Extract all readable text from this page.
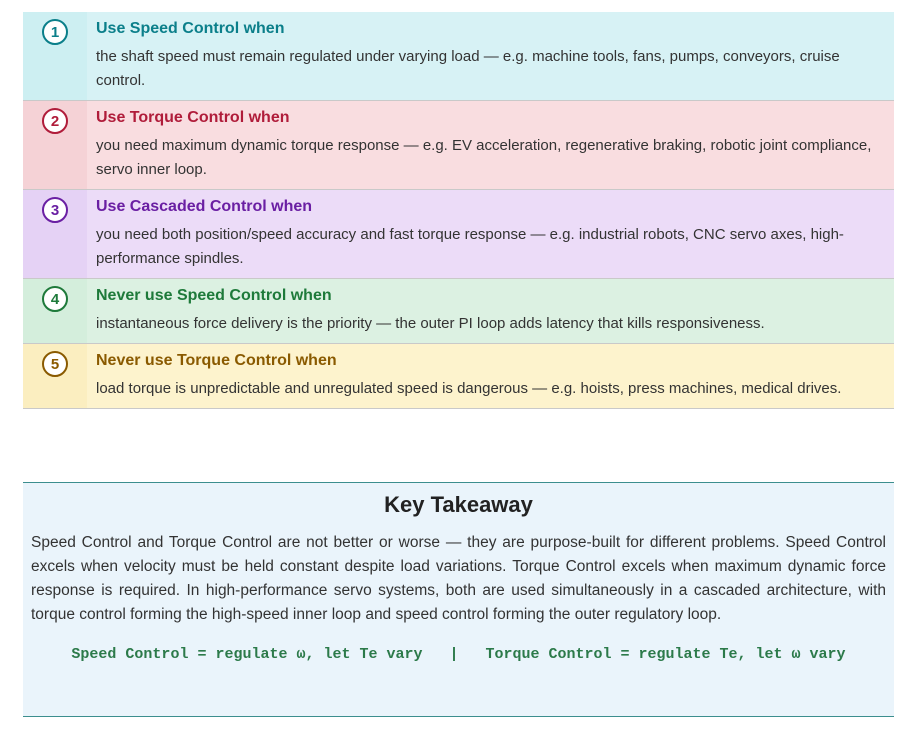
1	Use Speed Control when
the shaft speed must remain regulated under varying load — e.g. machine tools, fans, pumps, conveyors, cruise control.
2	Use Torque Control when
you need maximum dynamic torque response — e.g. EV acceleration, regenerative braking, robotic joint compliance, servo inner loop.
3	Use Cascaded Control when
you need both position/speed accuracy and fast torque response — e.g. industrial robots, CNC servo axes, high-performance spindles.
4	Never use Speed Control when
instantaneous force delivery is the priority — the outer PI loop adds latency that kills responsiveness.
5	Never use Torque Control when
load torque is unpredictable and unregulated speed is dangerous — e.g. hoists, press machines, medical drives.
Key Takeaway

Speed Control and Torque Control are not better or worse — they are purpose-built for different problems. Speed Control excels when velocity must be held constant despite load variations. Torque Control excels when maximum dynamic force response is required. In high-performance servo systems, both are used simultaneously in a cascaded architecture, with torque control forming the high-speed inner loop and speed control forming the outer regulatory loop.

Speed Control = regulate ω, let Te vary   |   Torque Control = regulate Te, let ω vary
